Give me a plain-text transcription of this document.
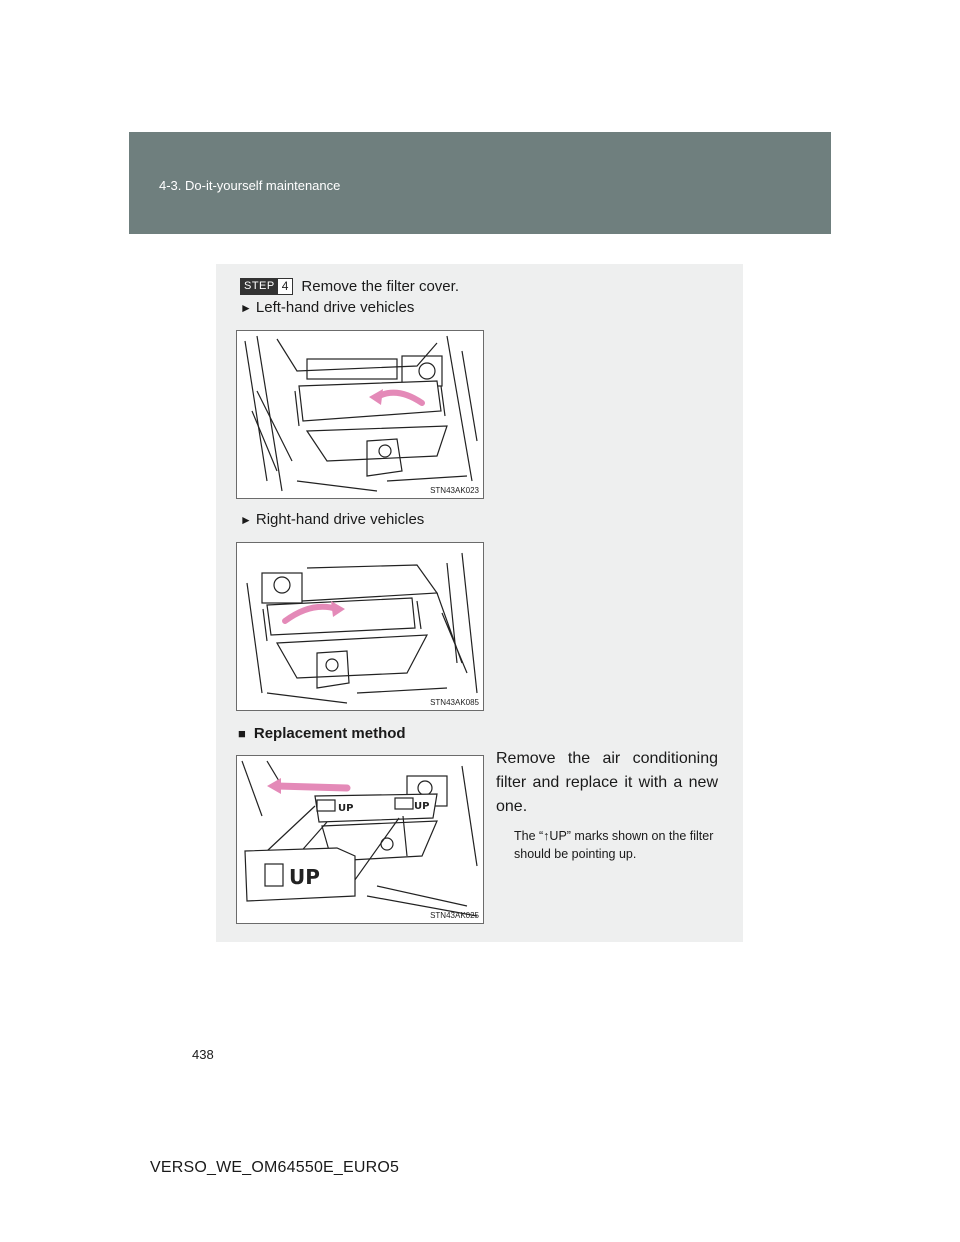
4-3. Do-it-yourself maintenance
STEP 4 Remove the filter cover.
► Left-hand drive vehicles
STN43AK023
► Right-hand drive vehicles
STN43AK085
■ Replacement method
UP	UP
UP
STN43AK025

Remove the air conditioning filter and replace it with a new one.

The “↑UP” marks shown on the filter should be pointing up.

438
VERSO_WE_OM64550E_EURO5
